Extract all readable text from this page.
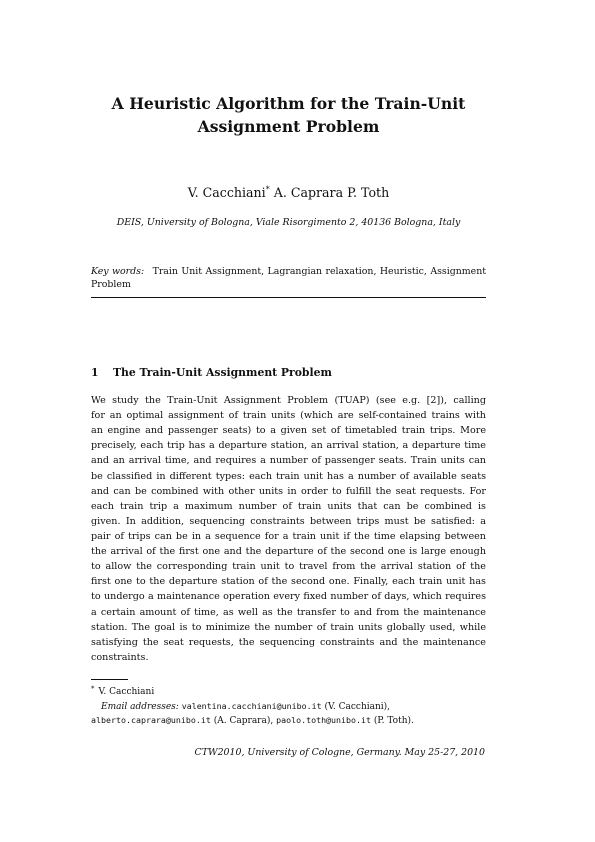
A Heuristic Algorithm for the Train-Unit
Assignment Problem
V. Cacchiani* A. Caprara P. Toth
DEIS, University of Bologna, Viale Risorgimento 2, 40136 Bologna, Italy
Key words: Train Unit Assignment, Lagrangian relaxation, Heuristic, Assignment Problem
1 The Train-Unit Assignment Problem

We study the Train-Unit Assignment Problem (TUAP) (see e.g. [2]), calling
for an optimal assignment of train units (which are self-contained trains with
an engine and passenger seats) to a given set of timetabled train trips. More
precisely, each trip has a departure station, an arrival station, a departure time
and an arrival time, and requires a number of passenger seats. Train units can
be classified in different types: each train unit has a number of available seats
and can be combined with other units in order to fulfill the seat requests. For
each train trip a maximum number of train units that can be combined is
given. In addition, sequencing constraints between trips must be satisfied: a
pair of trips can be in a sequence for a train unit if the time elapsing between
the arrival of the first one and the departure of the second one is large enough
to allow the corresponding train unit to travel from the arrival station of the
first one to the departure station of the second one. Finally, each train unit has
to undergo a maintenance operation every fixed number of days, which requires
a certain amount of time, as well as the transfer to and from the maintenance
station. The goal is to minimize the number of train units globally used, while
satisfying the seat requests, the sequencing constraints and the maintenance
constraints.

* V. Cacchiani
Email addresses: valentina.cacchiani@unibo.it (V. Cacchiani),
alberto.caprara@unibo.it (A. Caprara), paolo.toth@unibo.it (P. Toth).
CTW2010, University of Cologne, Germany. May 25-27, 2010
